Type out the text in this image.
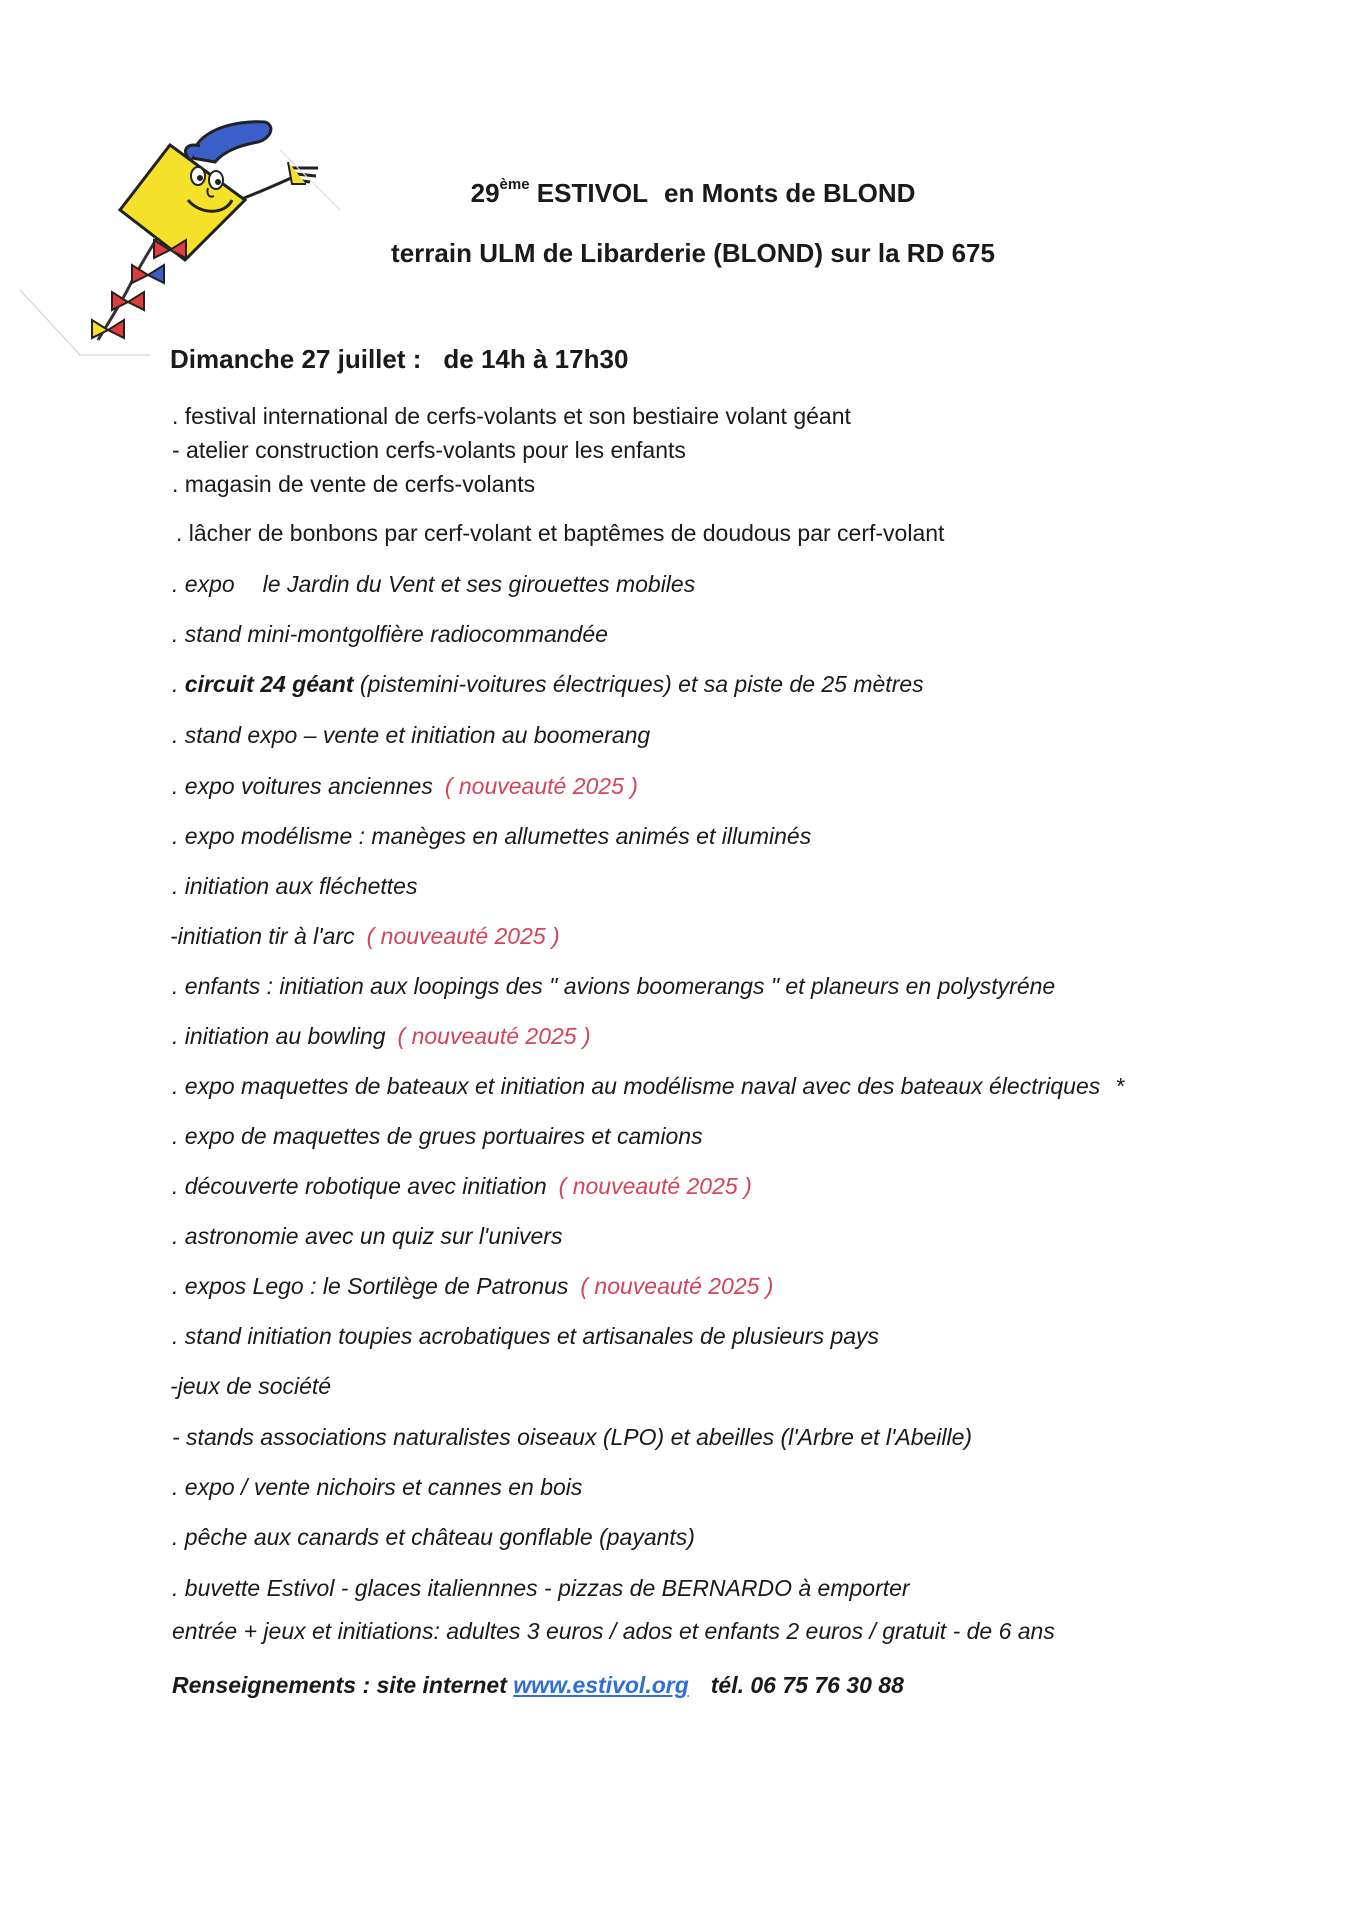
29ème ESTIVOL en Monts de BLOND
terrain ULM de Libarderie (BLOND) sur la RD 675
Dimanche 27 juillet : de 14h à 17h30
. festival international de cerfs-volants et son bestiaire volant géant
- atelier construction cerfs-volants pour les enfants
. magasin de vente de cerfs-volants
. lâcher de bonbons par cerf-volant et baptêmes de doudous par cerf-volant
. expo le Jardin du Vent et ses girouettes mobiles
. stand mini-montgolfière radiocommandée
. circuit 24 géant (pistemini-voitures électriques) et sa piste de 25 mètres
. stand expo – vente et initiation au boomerang
. expo voitures anciennes ( nouveauté 2025 )
. expo modélisme : manèges en allumettes animés et illuminés
. initiation aux fléchettes
-initiation tir à l'arc ( nouveauté 2025 )
. enfants : initiation aux loopings des " avions boomerangs " et planeurs en polystyréne
. initiation au bowling ( nouveauté 2025 )
. expo maquettes de bateaux et initiation au modélisme naval avec des bateaux électriques *
. expo de maquettes de grues portuaires et camions
. découverte robotique avec initiation ( nouveauté 2025 )
. astronomie avec un quiz sur l'univers
. expos Lego : le Sortilège de Patronus ( nouveauté 2025 )
. stand initiation toupies acrobatiques et artisanales de plusieurs pays
-jeux de société
- stands associations naturalistes oiseaux (LPO) et abeilles (l'Arbre et l'Abeille)
. expo / vente nichoirs et cannes en bois
. pêche aux canards et château gonflable (payants)
. buvette Estivol - glaces italiennnes - pizzas de BERNARDO à emporter
entrée + jeux et initiations: adultes 3 euros / ados et enfants 2 euros / gratuit - de 6 ans
Renseignements : site internet www.estivol.org tél. 06 75 76 30 88
